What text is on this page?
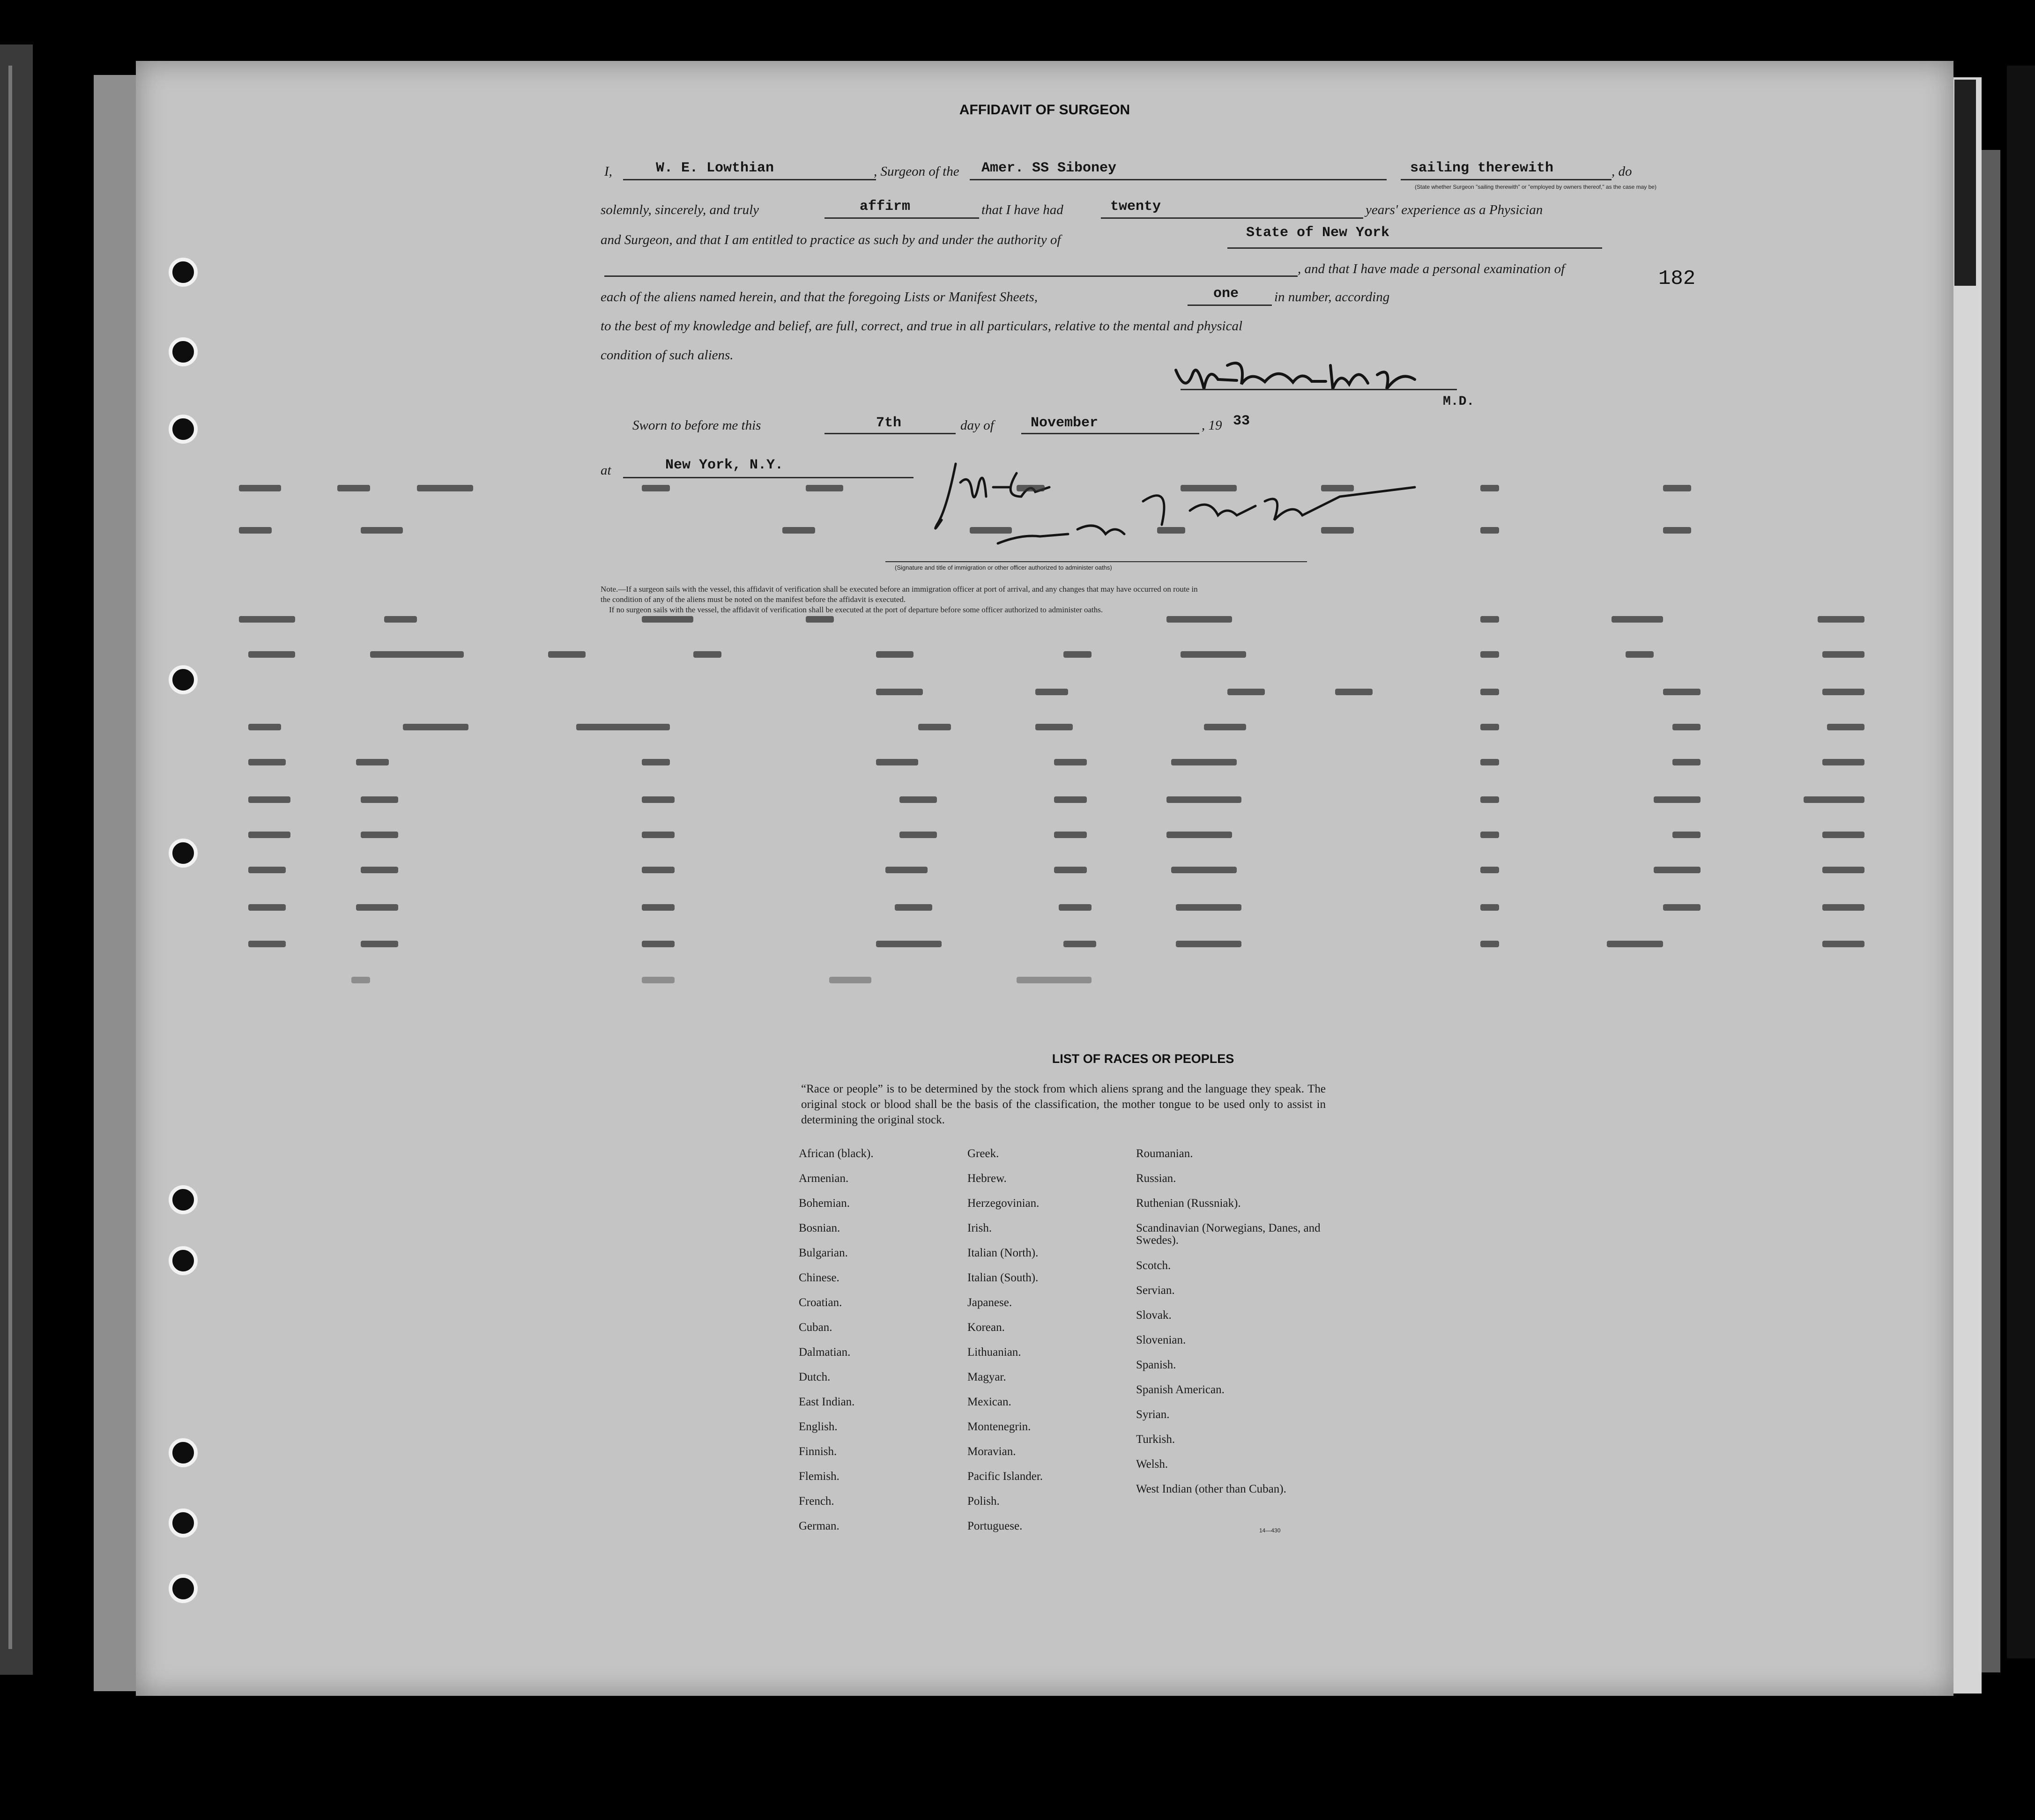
182
AFFIDAVIT OF SURGEON
I,	W. E. Lowthian	, Surgeon of the Amer. SS Siboney	sailing therewith	, do
(State whether Surgeon "sailing therewith" or "employed by owners thereof," as the case may be)
solemnly, sincerely, and truly	affirm	that I have had	twenty	years' experience as a Physician
and Surgeon, and that I am entitled to practice as such by and under the authority of	State of New York
, and that I have made a personal examination of
each of the aliens named herein, and that the foregoing Lists or Manifest Sheets,	one	in number, according
to the best of my knowledge and belief, are full, correct, and true in all particulars, relative to the mental and physical
condition of such aliens.
M.D.
Sworn to before me this	7th	day of	November	, 19 33
at	New York, N.Y.
(Signature and title of immigration or other officer authorized to administer oaths)
Note.—If a surgeon sails with the vessel, this affidavit of verification shall be executed before an immigration officer at port of arrival, and any changes that may have occurred on route in
the condition of any of the aliens must be noted on the manifest before the affidavit is executed.
If no surgeon sails with the vessel, the affidavit of verification shall be executed at the port of departure before some officer authorized to administer oaths.
LIST OF RACES OR PEOPLES
“Race or people” is to be determined by the stock from which aliens sprang and the language they speak. The original stock or blood shall be the basis of the classification, the mother tongue to be used only to assist in determining the original stock.
African (black).
Armenian.
Bohemian.
Bosnian.
Bulgarian.
Chinese.
Croatian.
Cuban.
Dalmatian.
Dutch.
East Indian.
English.
Finnish.
Flemish.
French.
German.
Greek.
Hebrew.
Herzegovinian.
Irish.
Italian (North).
Italian (South).
Japanese.
Korean.
Lithuanian.
Magyar.
Mexican.
Montenegrin.
Moravian.
Pacific Islander.
Polish.
Portuguese.
Roumanian.
Russian.
Ruthenian (Russniak).
Scandinavian (Norwegians, Danes, and Swedes).
Scotch.
Servian.
Slovak.
Slovenian.
Spanish.
Spanish American.
Syrian.
Turkish.
Welsh.
West Indian (other than Cuban).
14—430
